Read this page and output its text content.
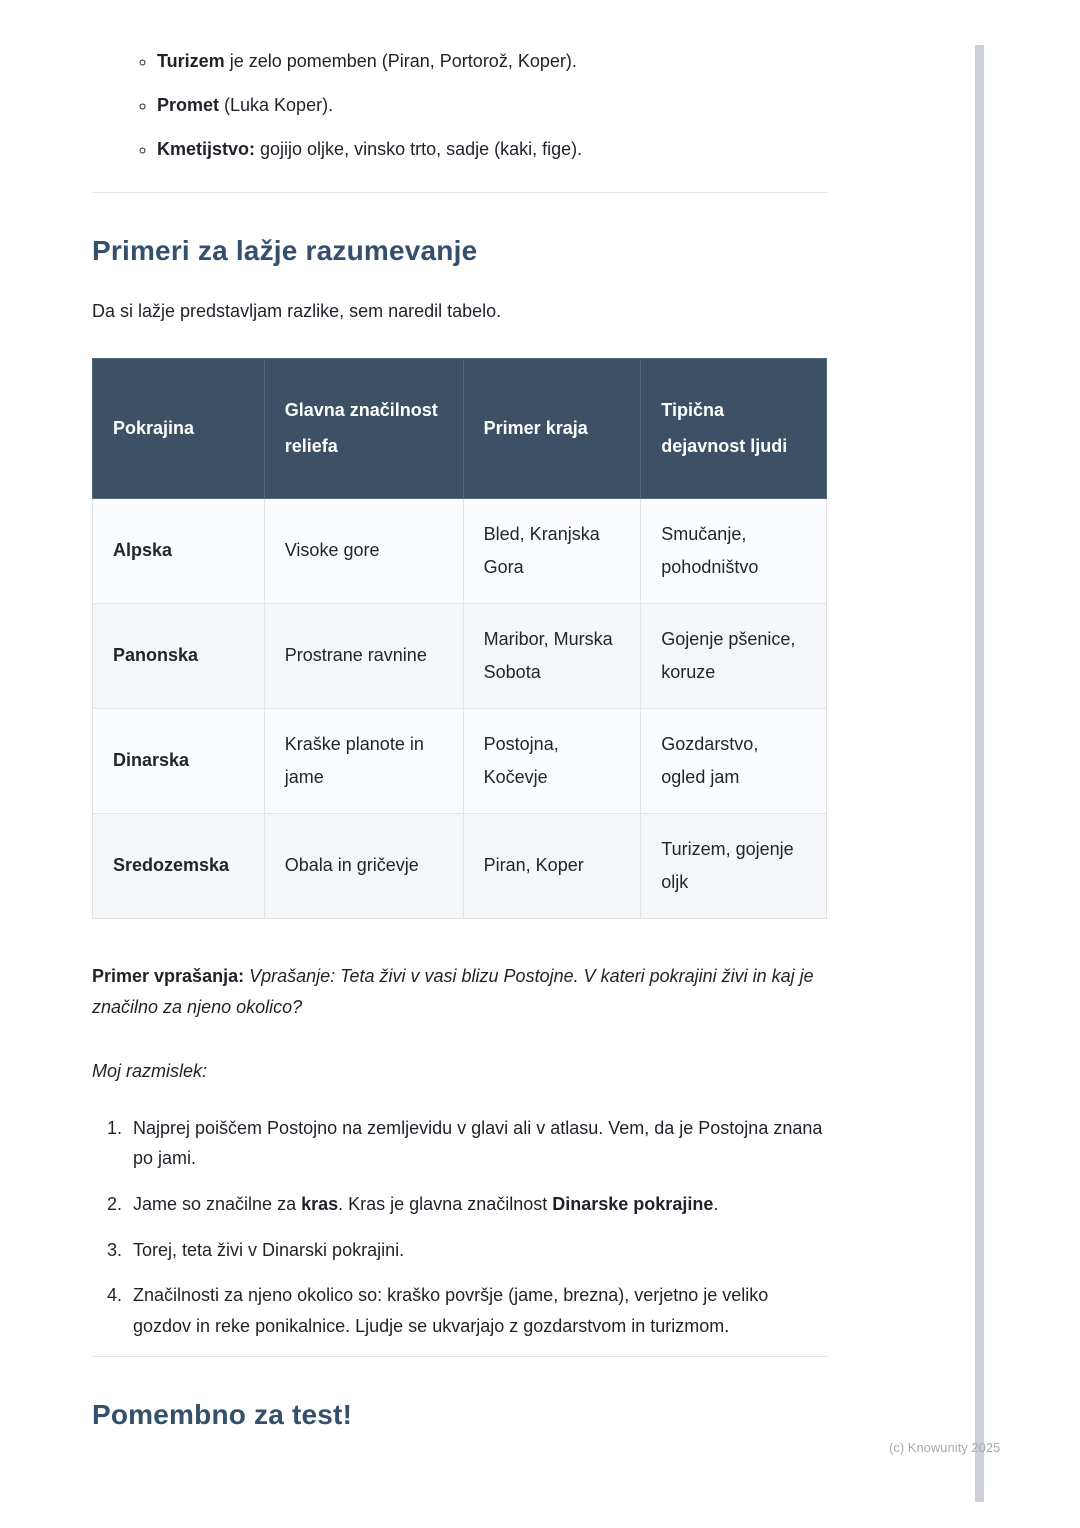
◦ Turizem je zelo pomemben (Piran, Portorož, Koper).
◦ Promet (Luka Koper).
◦ Kmetijstvo: gojijo oljke, vinsko trto, sadje (kaki, fige).
Primeri za lažje razumevanje

Da si lažje predstavljam razlike, sem naredil tabelo.

Pokrajina	Glavna značilnost reliefa	Primer kraja	Tipična dejavnost ljudi
Alpska	Visoke gore	Bled, Kranjska Gora	Smučanje, pohodništvo
Panonska	Prostrane ravnine	Maribor, Murska Sobota	Gojenje pšenice, koruze
Dinarska	Kraške planote in jame	Postojna, Kočevje	Gozdarstvo, ogled jam
Sredozemska	Obala in gričevje	Piran, Koper	Turizem, gojenje oljk

Primer vprašanja: Vprašanje: Teta živi v vasi blizu Postojne. V kateri pokrajini živi in kaj je značilno za njeno okolico?

Moj razmislek:

1. Najprej poiščem Postojno na zemljevidu v glavi ali v atlasu. Vem, da je Postojna znana po jami.
2. Jame so značilne za kras. Kras je glavna značilnost Dinarske pokrajine.
3. Torej, teta živi v Dinarski pokrajini.
4. Značilnosti za njeno okolico so: kraško površje (jame, brezna), verjetno je veliko gozdov in reke ponikalnice. Ljudje se ukvarjajo z gozdarstvom in turizmom.
Pomembno za test!
(c) Knowunity 2025
